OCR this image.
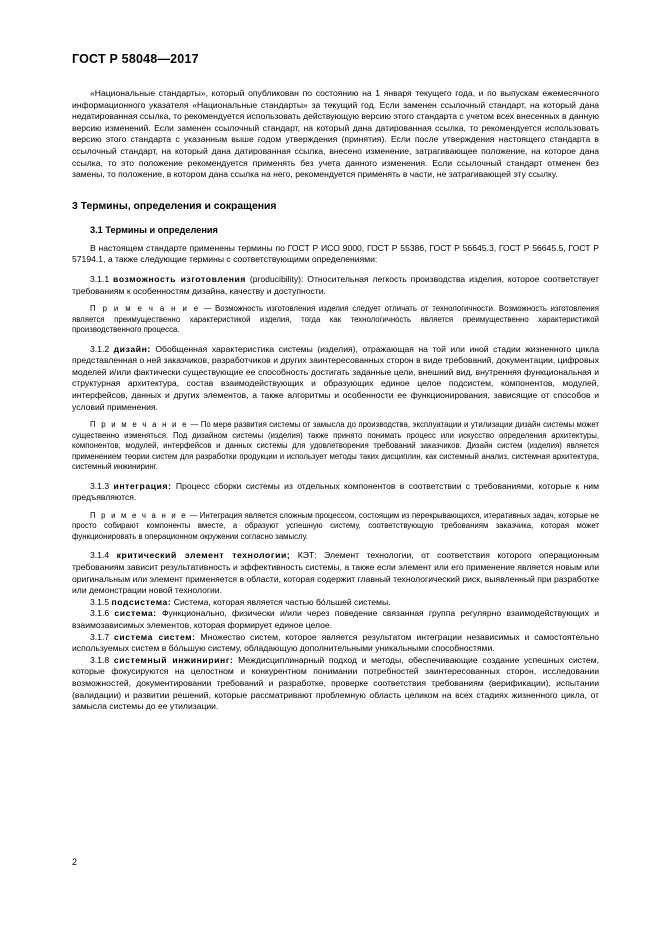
ГОСТ Р 58048—2017

«Национальные стандарты», который опубликован по состоянию на 1 января текущего года, и по выпускам ежемесячного информационного указателя «Национальные стандарты» за текущий год. Если заменен ссылочный стандарт, на который дана недатированная ссылка, то рекомендуется использовать действующую версию этого стандарта с учетом всех внесенных в данную версию изменений. Если заменен ссылочный стандарт, на который дана датированная ссылка, то рекомендуется использовать версию этого стандарта с указанным выше годом утверждения (принятия). Если после утверждения настоящего стандарта в ссылочный стандарт, на который дана датированная ссылка, внесено изменение, затрагивающее положение, на которое дана ссылка, то это положение рекомендуется применять без учета данного изменения. Если ссылочный стандарт отменен без замены, то положение, в котором дана ссылка на него, рекомендуется применять в части, не затрагивающей эту ссылку.

3 Термины, определения и сокращения
3.1 Термины и определения

В настоящем стандарте применены термины по ГОСТ Р ИСО 9000, ГОСТ Р 55386, ГОСТ Р 56645.3, ГОСТ Р 56645.5, ГОСТ Р 57194.1, а также следующие термины с соответствующими определениями:

3.1.1 возможность изготовления (producibility): Относительная легкость производства изделия, которое соответствует требованиям к особенностям дизайна, качеству и доступности.

П р и м е ч а н и е — Возможность изготовления изделия следует отличать от технологичности. Возможность изготовления является преимущественно характеристикой изделия, тогда как технологичность является преимущественно характеристикой производственного процесса.

3.1.2 дизайн: Обобщенная характеристика системы (изделия), отражающая на той или иной стадии жизненного цикла представленная о ней заказчиков, разработчиков и других заинтересованных сторон в виде требований, документации, цифровых моделей и/или фактически существующие ее способность достигать заданные цели, внешний вид, внутренняя функциональная и структурная архитектура, состав взаимодействующих и образующих единое целое подсистем, компонентов, модулей, интерфейсов, данных и других элементов, а также алгоритмы и особенности ее функционирования, зависящие от способов и условий применения.

П р и м е ч а н и е — По мере развития системы от замысла до производства, эксплуатации и утилизации дизайн системы может существенно изменяться. Под дизайном системы (изделия) также принято понимать процесс или искусство определения архитектуры, компонентов, модулей, интерфейсов и данных системы для удовлетворения требований заказчиков. Дизайн систем (изделия) является применением теории систем для разработки продукции и использует методы таких дисциплин, как системный анализ, системная архитектура, системный инжиниринг.

3.1.3 интеграция: Процесс сборки системы из отдельных компонентов в соответствии с требованиями, которые к ним предъявляются.

П р и м е ч а н и е — Интеграция является сложным процессом, состоящим из перекрывающихся, итеративных задач, которые не просто собирают компоненты вместе, а образуют успешную систему, соответствующую требованиям заказчика, которая может функционировать в операционном окружении согласно замыслу.

3.1.4 критический элемент технологии; КЭТ: Элемент технологии, от соответствия которого операционным требованиям зависит результативность и эффективность системы, а также если элемент или его применение является новым или оригинальным или элемент применяется в области, которая содержит главный технологический риск, выявленный при разработке или демонстрации новой технологии.

3.1.5 подсистема: Система, которая является частью бо́льшей системы.

3.1.6 система: Функционально, физически и/или через поведение связанная группа регулярно взаимодействующих и взаимозависимых элементов, которая формирует единое целое.

3.1.7 система систем: Множество систем, которое является результатом интеграции независимых и самостоятельно используемых систем в бо́льшую систему, обладающую дополнительными уникальными способностями.

3.1.8 системный инжиниринг: Междисциплинарный подход и методы, обеспечивающие создание успешных систем, которые фокусируются на целостном и конкурентном понимании потребностей заинтересованных сторон, исследовании возможностей, документировании требований и разработке, проверке соответствия требованиям (верификации), испытании (валидации) и развитии решений, которые рассматривают проблемную область целиком на всех стадиях жизненного цикла, от замысла системы до ее утилизации.

2
